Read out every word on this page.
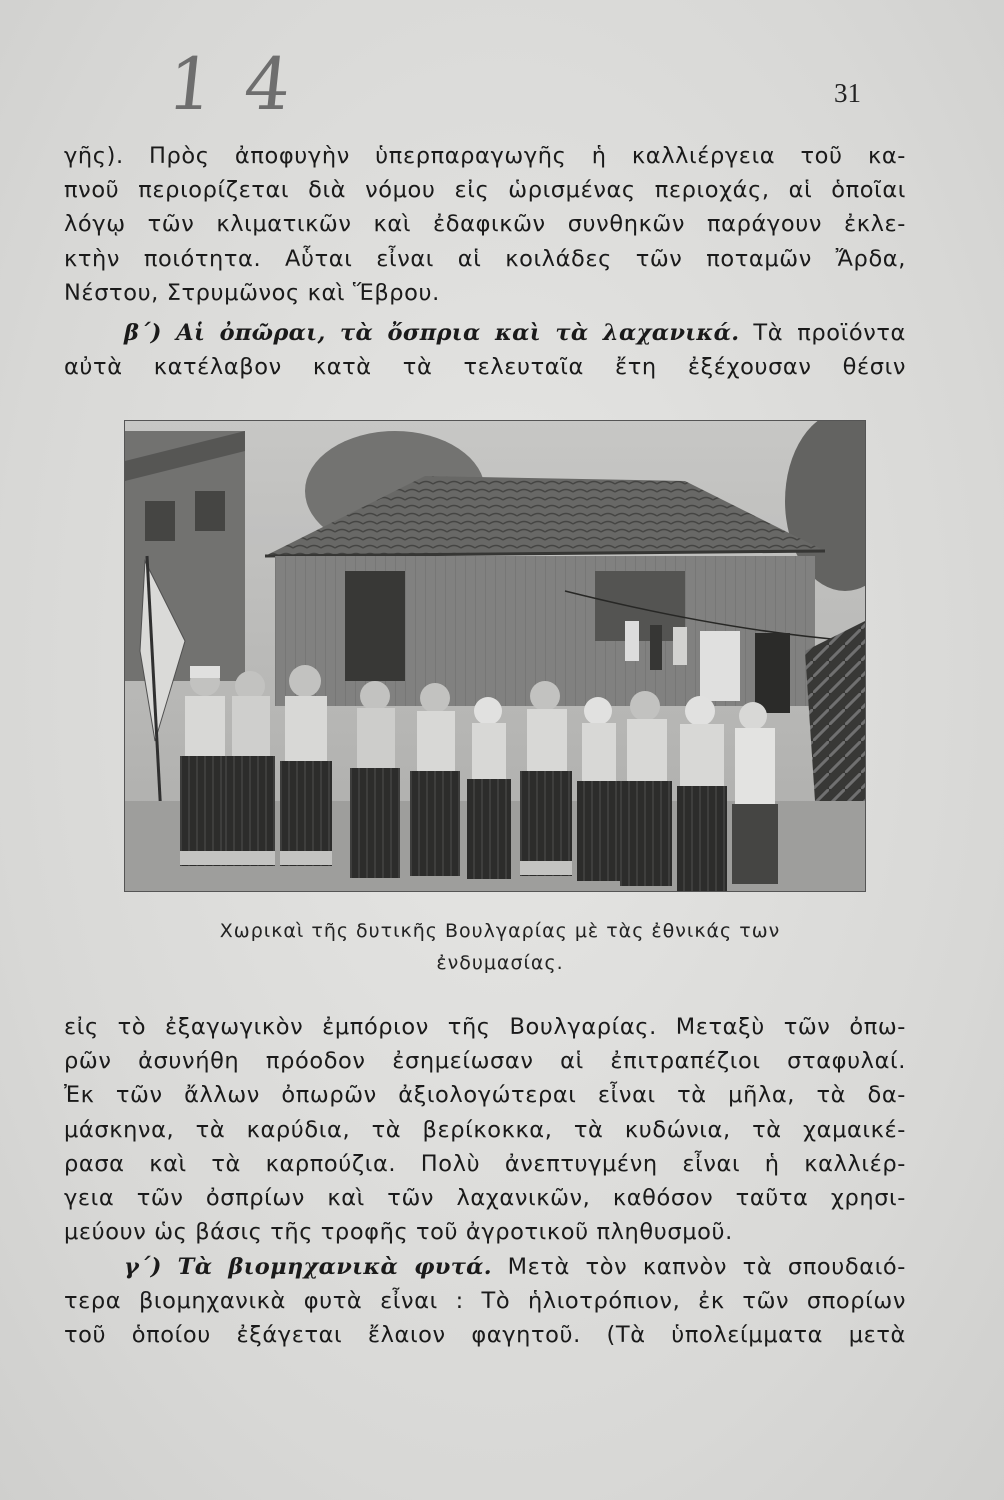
1 4	31
γῆς). Πρὸς ἀποφυγὴν ὑπερπαραγωγῆς ἡ καλλιέργεια τοῦ κα-
πνοῦ περιορίζεται διὰ νόμου εἰς ὡρισμένας περιοχάς, αἱ ὁποῖαι
λόγῳ τῶν κλιματικῶν καὶ ἐδαφικῶν συνθηκῶν παράγουν ἐκλε-
κτὴν ποιότητα. Αὗται εἶναι αἱ κοιλάδες τῶν ποταμῶν Ἄρδα,
Νέστου, Στρυμῶνος καὶ Ἕβρου.
β΄) Αἱ ὀπῶραι, τὰ ὄσπρια καὶ τὰ λαχανικά. Τὰ προϊόντα
αὐτὰ κατέλαβον κατὰ τὰ τελευταῖα ἔτη ἐξέχουσαν θέσιν
Χωρικαὶ τῆς δυτικῆς Βουλγαρίας μὲ τὰς ἐθνικάς των
ἐνδυμασίας.
εἰς τὸ ἐξαγωγικὸν ἐμπόριον τῆς Βουλγαρίας. Μεταξὺ τῶν ὀπω-
ρῶν ἀσυνήθη πρόοδον ἐσημείωσαν αἱ ἐπιτραπέζιοι σταφυλαί.
Ἐκ τῶν ἄλλων ὀπωρῶν ἀξιολογώτεραι εἶναι τὰ μῆλα, τὰ δα-
μάσκηνα, τὰ καρύδια, τὰ βερίκοκκα, τὰ κυδώνια, τὰ χαμαικέ-
ρασα καὶ τὰ καρπούζια. Πολὺ ἀνεπτυγμένη εἶναι ἡ καλλιέρ-
γεια τῶν ὀσπρίων καὶ τῶν λαχανικῶν, καθόσον ταῦτα χρησι-
μεύουν ὡς βάσις τῆς τροφῆς τοῦ ἀγροτικοῦ πληθυσμοῦ.
γ΄) Τὰ βιομηχανικὰ φυτά. Μετὰ τὸν καπνὸν τὰ σπουδαιό-
τερα βιομηχανικὰ φυτὰ εἶναι : Τὸ ἡλιοτρόπιον, ἐκ τῶν σπορίων
τοῦ ὁποίου ἐξάγεται ἔλαιον φαγητοῦ. (Τὰ ὑπολείμματα μετὰ
